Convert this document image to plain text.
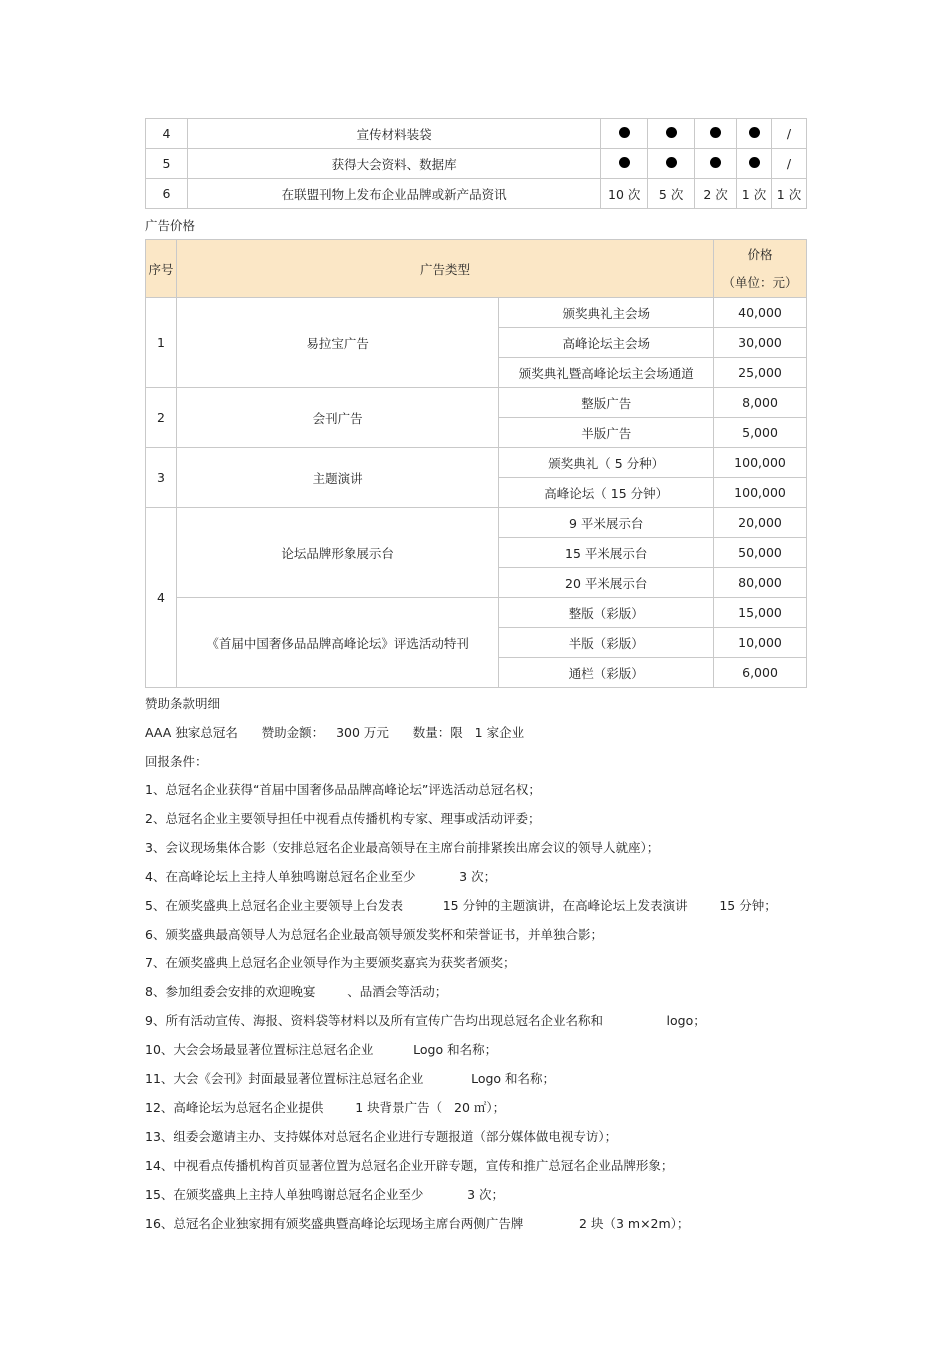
4	宣传材料装袋					/
5	获得大会资料、数据库					/
6	在联盟刊物上发布企业品牌或新产品资讯	10 次	5 次	2 次	1 次	1 次
广告价格
序号	广告类型		价格
（单位：元）

1	易拉宝广告	颁奖典礼主会场	40,000
		高峰论坛主会场	30,000
		颁奖典礼暨高峰论坛主会场通道	25,000
2	会刊广告	整版广告	8,000
		半版广告	5,000
3	主题演讲	颁奖典礼（ 5 分种）	100,000
		高峰论坛（ 15 分钟）	100,000
4	论坛品牌形象展示台	9 平米展示台	20,000
		15 平米展示台	50,000
		20 平米展示台	80,000
	《首届中国奢侈品品牌高峰论坛》评选活动特刊	整版（彩版）	15,000
		半版（彩版）	10,000
		通栏（彩版）	6,000
赞助条款明细
AAA 独家总冠名      赞助金额：   300 万元      数量：限   1 家企业
回报条件：
1、总冠名企业获得“首届中国奢侈品品牌高峰论坛”评选活动总冠名权；
2、总冠名企业主要领导担任中视看点传播机构专家、理事或活动评委；
3、会议现场集体合影（安排总冠名企业最高领导在主席台前排紧挨出席会议的领导人就座）；
4、在高峰论坛上主持人单独鸣谢总冠名企业至少           3 次；
5、在颁奖盛典上总冠名企业主要领导上台发表          15 分钟的主题演讲，在高峰论坛上发表演讲        15 分钟；
6、颁奖盛典最高领导人为总冠名企业最高领导颁发奖杯和荣誉证书，并单独合影；
7、在颁奖盛典上总冠名企业领导作为主要颁奖嘉宾为获奖者颁奖；
8、参加组委会安排的欢迎晚宴        、品酒会等活动；
9、所有活动宣传、海报、资料袋等材料以及所有宣传广告均出现总冠名企业名称和                logo；
10、大会会场最显著位置标注总冠名企业          Logo 和名称；
11、大会《会刊》封面最显著位置标注总冠名企业            Logo 和名称；
12、高峰论坛为总冠名企业提供        1 块背景广告（   20 ㎡）；
13、组委会邀请主办、支持媒体对总冠名企业进行专题报道（部分媒体做电视专访）；
14、中视看点传播机构首页显著位置为总冠名企业开辟专题，宣传和推广总冠名企业品牌形象；
15、在颁奖盛典上主持人单独鸣谢总冠名企业至少           3 次；
16、总冠名企业独家拥有颁奖盛典暨高峰论坛现场主席台两侧广告牌              2 块（3 m×2m）；
